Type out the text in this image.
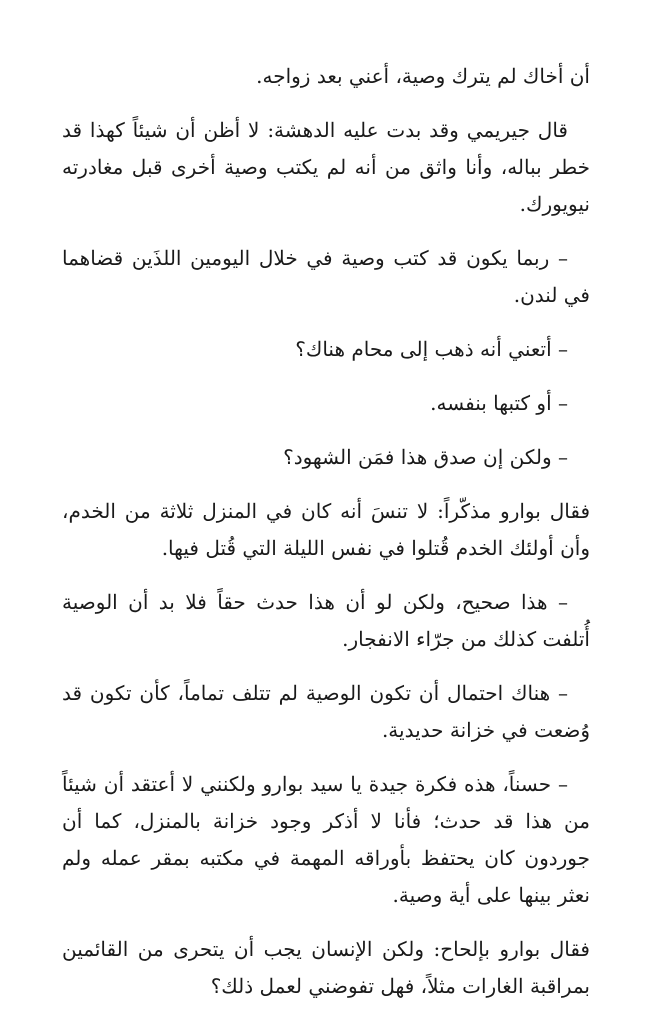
أن أخاك لم يترك وصية، أعني بعد زواجه.

قال جيريمي وقد بدت عليه الدهشة: لا أظن أن شيئاً كهذا قد خطر بباله، وأنا واثق من أنه لم يكتب وصية أخرى قبل مغادرته نيويورك.

– ربما يكون قد كتب وصية في خلال اليومين اللذَين قضاهما في لندن.

– أتعني أنه ذهب إلى محام هناك؟

– أو كتبها بنفسه.

– ولكن إن صدق هذا فمَن الشهود؟

فقال بوارو مذكّراً: لا تنسَ أنه كان في المنزل ثلاثة من الخدم، وأن أولئك الخدم قُتلوا في نفس الليلة التي قُتل فيها.

– هذا صحيح، ولكن لو أن هذا حدث حقاً فلا بد أن الوصية أُتلفت كذلك من جرّاء الانفجار.

– هناك احتمال أن تكون الوصية لم تتلف تماماً، كأن تكون قد وُضعت في خزانة حديدية.

– حسناً، هذه فكرة جيدة يا سيد بوارو ولكنني لا أعتقد أن شيئاً من هذا قد حدث؛ فأنا لا أذكر وجود خزانة بالمنزل، كما أن جوردون كان يحتفظ بأوراقه المهمة في مكتبه بمقر عمله ولم نعثر بينها على أية وصية.

فقال بوارو بإلحاح: ولكن الإنسان يجب أن يتحرى من القائمين بمراقبة الغارات مثلاً، فهل تفوضني لعمل ذلك؟
